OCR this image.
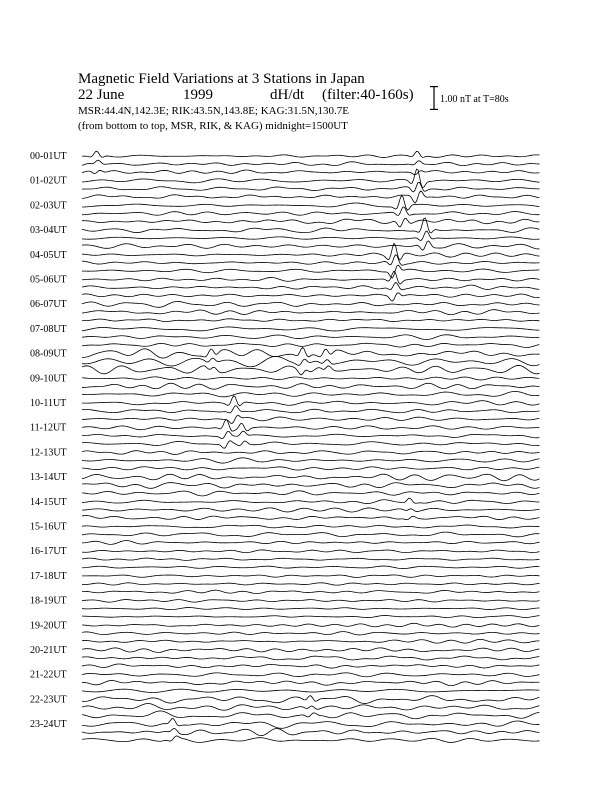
Magnetic Field Variations at 3 Stations in Japan
22 June	1999	dH/dt (filter:40-160s)
MSR:44.4N,142.3E; RIK:43.5N,143.8E; KAG:31.5N,130.7E
(from bottom to top, MSR, RIK, & KAG) midnight=1500UT
1.00 nT at T=80s
00-01UT
01-02UT
02-03UT
03-04UT
04-05UT
05-06UT
06-07UT
07-08UT
08-09UT
09-10UT
10-11UT
11-12UT
12-13UT
13-14UT
14-15UT
15-16UT
16-17UT
17-18UT
18-19UT
19-20UT
20-21UT
21-22UT
22-23UT
23-24UT
